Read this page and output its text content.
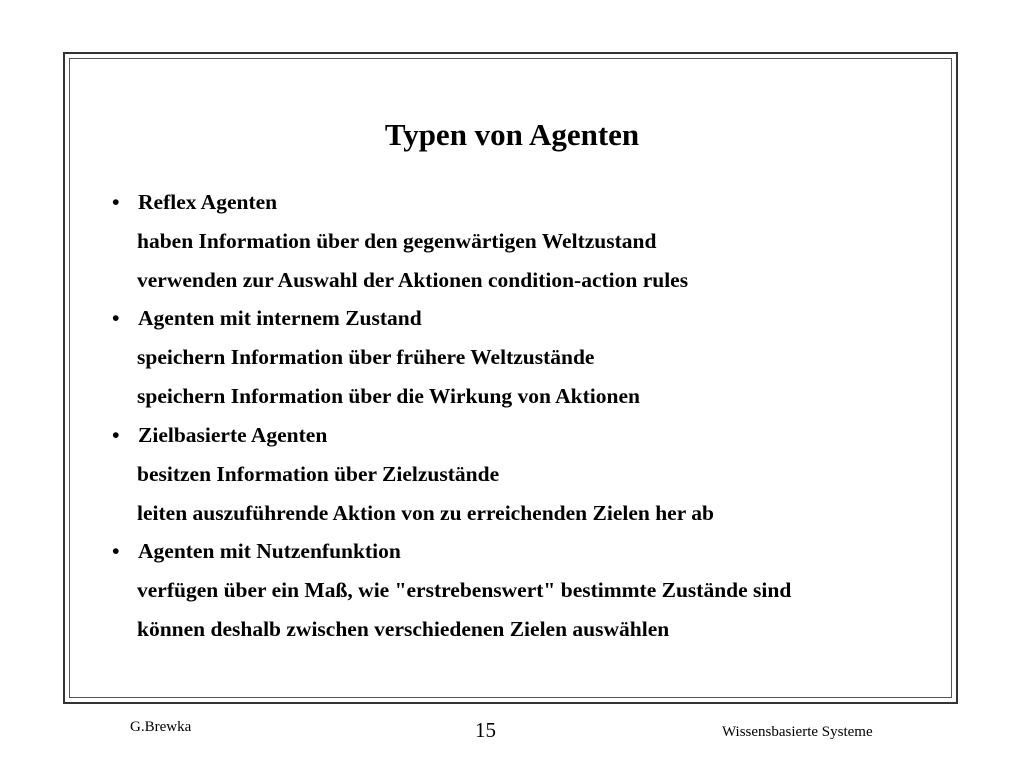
Typen von Agenten
• Reflex Agenten
haben Information über den gegenwärtigen Weltzustand
verwenden zur Auswahl der Aktionen condition-action rules
• Agenten mit internem Zustand
speichern Information über frühere Weltzustände
speichern Information über die Wirkung von Aktionen
• Zielbasierte Agenten
besitzen Information über Zielzustände
leiten auszuführende Aktion von zu erreichenden Zielen her ab
• Agenten mit Nutzenfunktion
verfügen über ein Maß, wie "erstrebenswert" bestimmte Zustände sind
können deshalb zwischen verschiedenen Zielen auswählen
G.Brewka	15	Wissensbasierte Systeme
